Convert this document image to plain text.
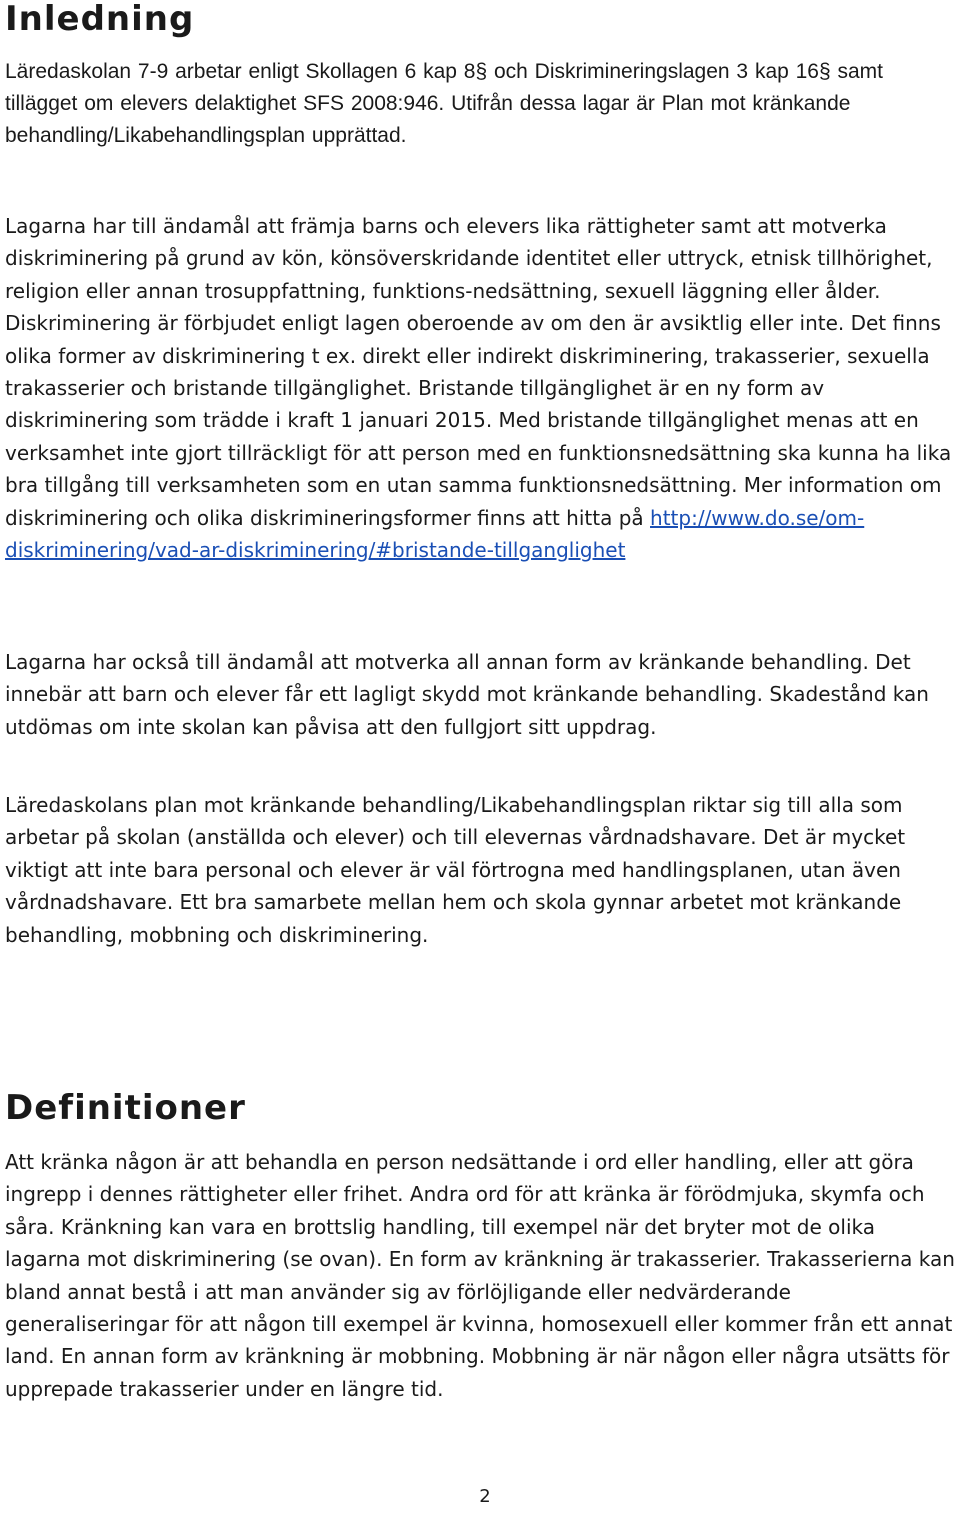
Inledning

Läredaskolan 7-9 arbetar enligt Skollagen 6 kap 8§ och Diskrimineringslagen 3 kap 16§ samt tillägget om elevers delaktighet SFS 2008:946. Utifrån dessa lagar är Plan mot kränkande behandling/Likabehandlingsplan upprättad.

Lagarna har till ändamål att främja barns och elevers lika rättigheter samt att motverka diskriminering på grund av kön, könsöverskridande identitet eller uttryck, etnisk tillhörighet, religion eller annan trosuppfattning, funktions-nedsättning, sexuell läggning eller ålder. Diskriminering är förbjudet enligt lagen oberoende av om den är avsiktlig eller inte. Det finns olika former av diskriminering t ex. direkt eller indirekt diskriminering, trakasserier, sexuella trakasserier och bristande tillgänglighet. Bristande tillgänglighet är en ny form av diskriminering som trädde i kraft 1 januari 2015. Med bristande tillgänglighet menas att en verksamhet inte gjort tillräckligt för att person med en funktionsnedsättning ska kunna ha lika bra tillgång till verksamheten som en utan samma funktionsnedsättning. Mer information om diskriminering och olika diskrimineringsformer finns att hitta på http://www.do.se/om-diskriminering/vad-ar-diskriminering/#bristande-tillganglighet

Lagarna har också till ändamål att motverka all annan form av kränkande behandling. Det innebär att barn och elever får ett lagligt skydd mot kränkande behandling. Skadestånd kan utdömas om inte skolan kan påvisa att den fullgjort sitt uppdrag.

Läredaskolans plan mot kränkande behandling/Likabehandlingsplan riktar sig till alla som arbetar på skolan (anställda och elever) och till elevernas vårdnadshavare. Det är mycket viktigt att inte bara personal och elever är väl förtrogna med handlingsplanen, utan även vårdnadshavare. Ett bra samarbete mellan hem och skola gynnar arbetet mot kränkande behandling, mobbning och diskriminering.

Definitioner

Att kränka någon är att behandla en person nedsättande i ord eller handling, eller att göra ingrepp i dennes rättigheter eller frihet. Andra ord för att kränka är förödmjuka, skymfa och såra. Kränkning kan vara en brottslig handling, till exempel när det bryter mot de olika lagarna mot diskriminering (se ovan). En form av kränkning är trakasserier. Trakasserierna kan bland annat bestå i att man använder sig av förlöjligande eller nedvärderande generaliseringar för att någon till exempel är kvinna, homosexuell eller kommer från ett annat land. En annan form av kränkning är mobbning. Mobbning är när någon eller några utsätts för upprepade trakasserier under en längre tid.

2
